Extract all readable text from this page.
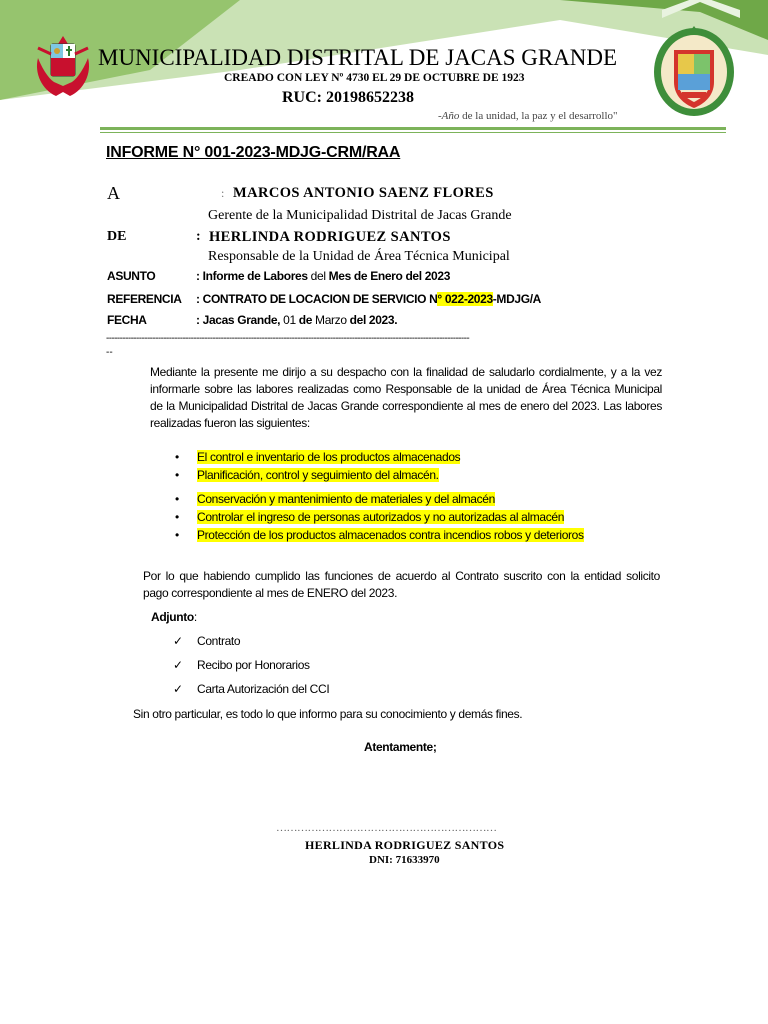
MUNICIPALIDAD DISTRITAL DE JACAS GRANDE
CREADO CON LEY Nº 4730 EL 29 DE OCTUBRE DE 1923
RUC: 20198652238
-Año de la unidad, la paz y el desarrollo"
INFORME N° 001-2023-MDJG-CRM/RAA
A	: MARCOS ANTONIO SAENZ FLORES
Gerente de la Municipalidad Distrital de Jacas Grande
DE	: HERLINDA RODRIGUEZ SANTOS
Responsable de la Unidad de Área Técnica Municipal
ASUNTO	: Informe de Labores del Mes de Enero del 2023
REFERENCIA : CONTRATO DE LOCACION DE SERVICIO N° 022-2023-MDJG/A
FECHA	: Jacas Grande, 01 de Marzo del 2023.
-------------------------------------------------------------------------------------------------------------------------------------
--
Mediante la presente me dirijo a su despacho con la finalidad de saludarlo cordialmente, y a la vez
informarle sobre las labores realizadas como Responsable de la unidad de Área Técnica Municipal
de la Municipalidad Distrital de Jacas Grande correspondiente al mes de enero del 2023. Las labores
realizadas fueron las siguientes:
• El control e inventario de los productos almacenados
• Planificación, control y seguimiento del almacén.
• Conservación y mantenimiento de materiales y del almacén
• Controlar el ingreso de personas autorizados y no autorizadas al almacén
• Protección de los productos almacenados contra incendios robos y deterioros
Por lo que habiendo cumplido las funciones de acuerdo al Contrato suscrito con la entidad solicito
pago correspondiente al mes de ENERO del 2023.
Adjunto:
✓ Contrato
✓ Recibo por Honorarios
✓ Carta Autorización del CCI
Sin otro particular, es todo lo que informo para su conocimiento y demás fines.
Atentamente;
………………………………………………………
HERLINDA RODRIGUEZ SANTOS
DNI: 71633970
